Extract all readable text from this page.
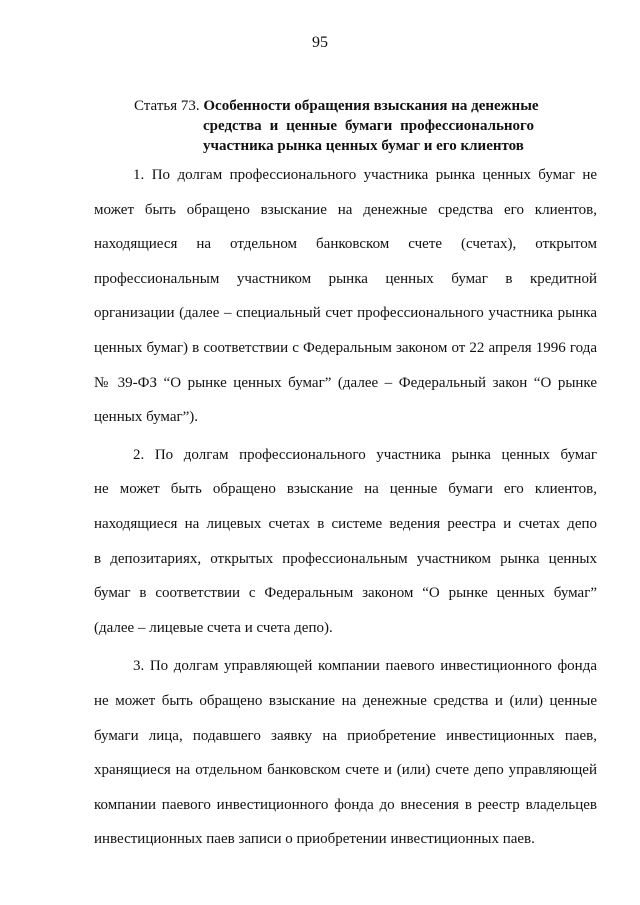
95
Статья 73. Особенности обращения взыскания на денежные
средства и ценные бумаги профессионального
участника рынка ценных бумаг и его клиентов

1. По долгам профессионального участника рынка ценных бумаг не
может быть обращено взыскание на денежные средства его клиентов,
находящиеся на отдельном банковском счете (счетах), открытом
профессиональным участником рынка ценных бумаг в кредитной
организации (далее – специальный счет профессионального участника рынка
ценных бумаг) в соответствии с Федеральным законом от 22 апреля 1996 года
№ 39-ФЗ “О рынке ценных бумаг” (далее – Федеральный закон “О рынке
ценных бумаг”).

2. По долгам профессионального участника рынка ценных бумаг
не может быть обращено взыскание на ценные бумаги его клиентов,
находящиеся на лицевых счетах в системе ведения реестра и счетах депо
в депозитариях, открытых профессиональным участником рынка ценных
бумаг в соответствии с Федеральным законом “О рынке ценных бумаг”
(далее – лицевые счета и счета депо).

3. По долгам управляющей компании паевого инвестиционного фонда
не может быть обращено взыскание на денежные средства и (или) ценные
бумаги лица, подавшего заявку на приобретение инвестиционных паев,
хранящиеся на отдельном банковском счете и (или) счете депо управляющей
компании паевого инвестиционного фонда до внесения в реестр владельцев
инвестиционных паев записи о приобретении инвестиционных паев.
